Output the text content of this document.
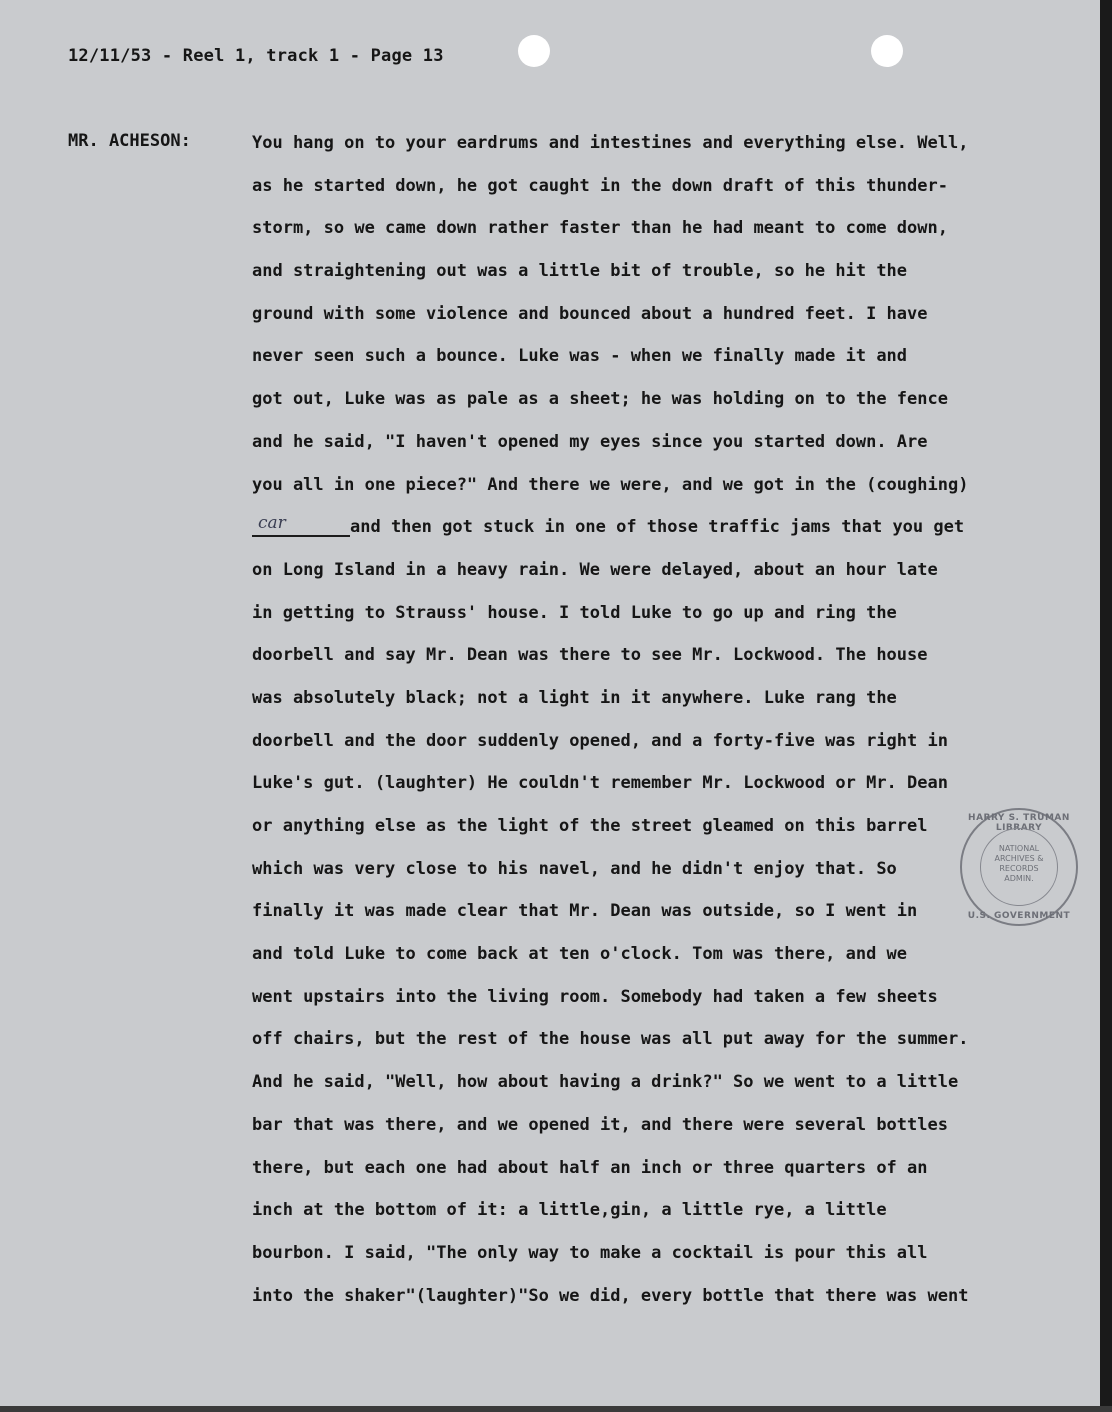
12/11/53 - Reel 1, track 1 - Page 13
MR. ACHESON:	You hang on to your eardrums and intestines and everything else. Well,
as he started down, he got caught in the down draft of this thunder-
storm, so we came down rather faster than he had meant to come down,
and straightening out was a little bit of trouble, so he hit the
ground with some violence and bounced about a hundred feet. I have
never seen such a bounce. Luke was - when we finally made it and
got out, Luke was as pale as a sheet; he was holding on to the fence
and he said, "I haven't opened my eyes since you started down. Are
you all in one piece?" And there we were, and we got in the (coughing)
car	and then got stuck in one of those traffic jams that you get
on Long Island in a heavy rain. We were delayed, about an hour late
in getting to Strauss' house. I told Luke to go up and ring the
doorbell and say Mr. Dean was there to see Mr. Lockwood. The house
was absolutely black; not a light in it anywhere. Luke rang the
doorbell and the door suddenly opened, and a forty-five was right in
Luke's gut. (laughter) He couldn't remember Mr. Lockwood or Mr. Dean
or anything else as the light of the street gleamed on this barrel
which was very close to his navel, and he didn't enjoy that. So
finally it was made clear that Mr. Dean was outside, so I went in
and told Luke to come back at ten o'clock. Tom was there, and we
went upstairs into the living room. Somebody had taken a few sheets
off chairs, but the rest of the house was all put away for the summer.
And he said, "Well, how about having a drink?" So we went to a little
bar that was there, and we opened it, and there were several bottles
there, but each one had about half an inch or three quarters of an
inch at the bottom of it: a little,gin, a little rye, a little
bourbon. I said, "The only way to make a cocktail is pour this all
into the shaker"(laughter)"So we did, every bottle that there was went
HARRY S. TRUMAN LIBRARY
NATIONAL
ARCHIVES &
RECORDS
ADMIN.
U.S. GOVERNMENT
